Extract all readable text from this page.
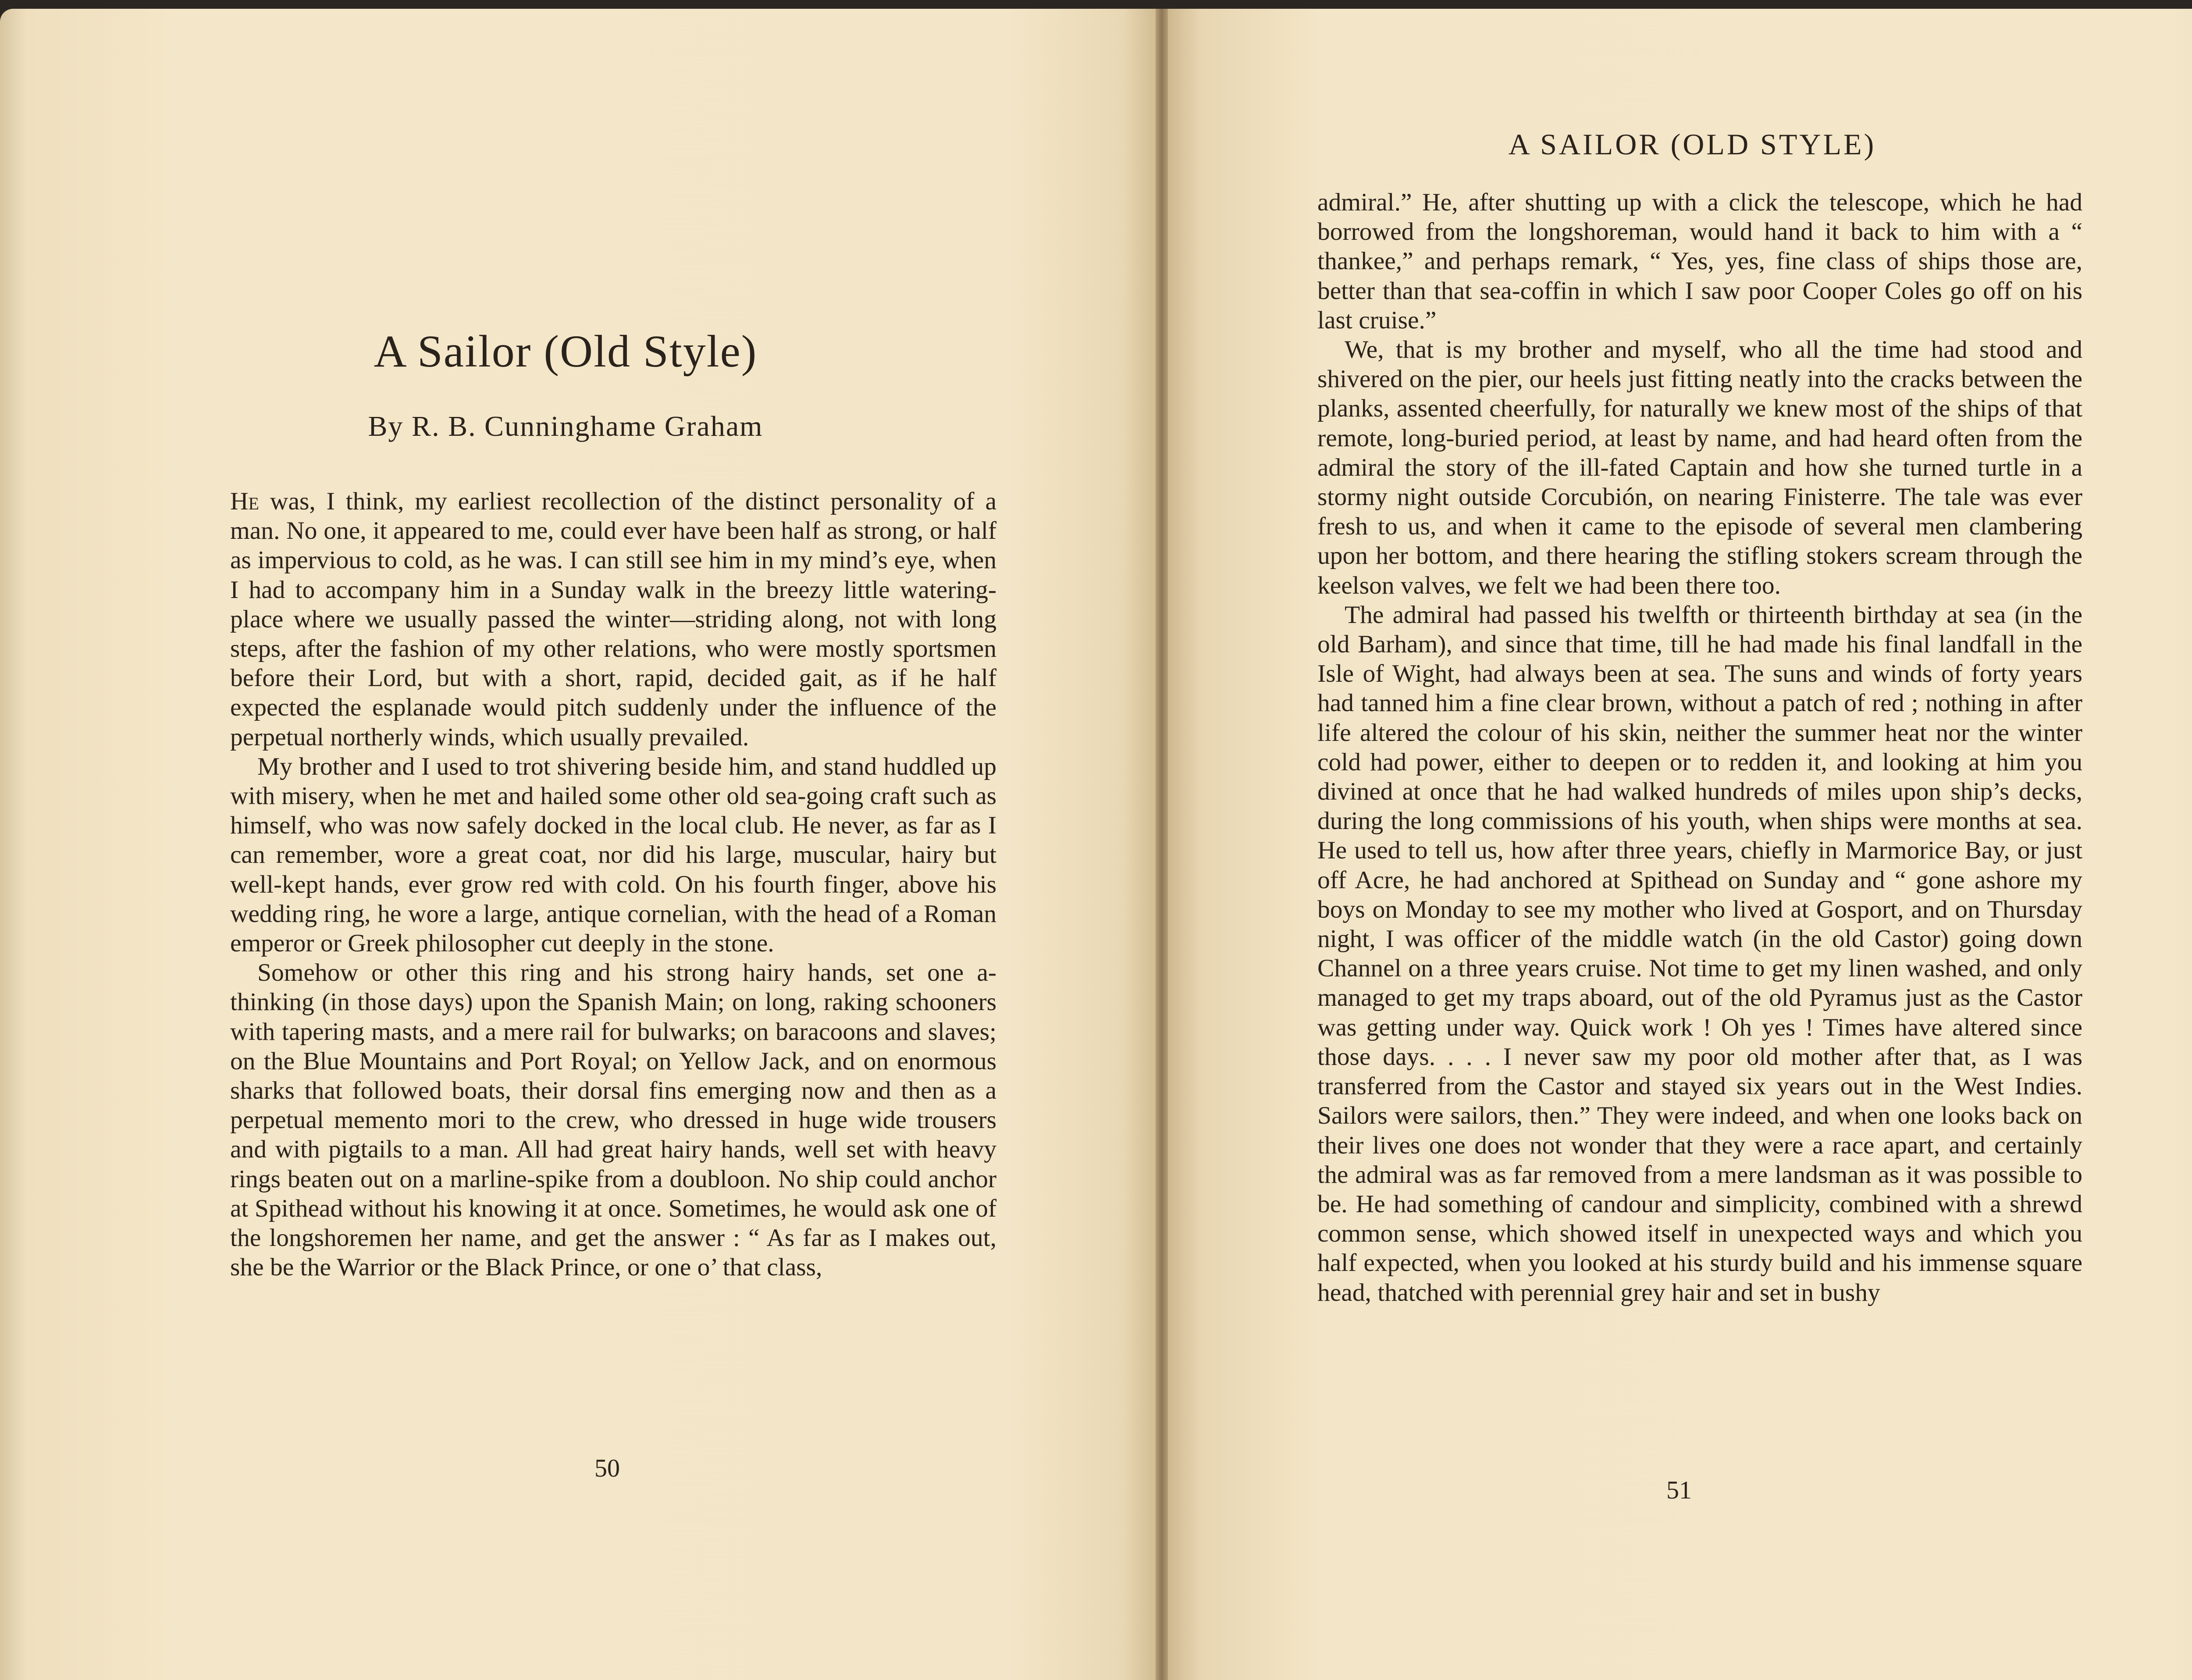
A Sailor (Old Style)
By R. B. Cunninghame Graham

He was, I think, my earliest recollection of the distinct personality of a man. No one, it appeared to me, could ever have been half as strong, or half as impervious to cold, as he was. I can still see him in my mind’s eye, when I had to accompany him in a Sunday walk in the breezy little watering-place where we usually passed the winter—striding along, not with long steps, after the fashion of my other relations, who were mostly sportsmen before their Lord, but with a short, rapid, decided gait, as if he half expected the esplanade would pitch suddenly under the influence of the perpetual northerly winds, which usually prevailed.

My brother and I used to trot shivering beside him, and stand huddled up with misery, when he met and hailed some other old sea-going craft such as himself, who was now safely docked in the local club. He never, as far as I can remember, wore a great coat, nor did his large, muscular, hairy but well-kept hands, ever grow red with cold. On his fourth finger, above his wedding ring, he wore a large, antique cornelian, with the head of a Roman emperor or Greek philosopher cut deeply in the stone.

Somehow or other this ring and his strong hairy hands, set one a-thinking (in those days) upon the Spanish Main; on long, raking schooners with tapering masts, and a mere rail for bulwarks; on baracoons and slaves; on the Blue Mountains and Port Royal; on Yellow Jack, and on enormous sharks that followed boats, their dorsal fins emerging now and then as a perpetual memento mori to the crew, who dressed in huge wide trousers and with pigtails to a man. All had great hairy hands, well set with heavy rings beaten out on a marline-spike from a doubloon. No ship could anchor at Spithead without his knowing it at once. Sometimes, he would ask one of the longshoremen her name, and get the answer : “ As far as I makes out, she be the Warrior or the Black Prince, or one o’ that class,

50
A SAILOR (OLD STYLE)

admiral.” He, after shutting up with a click the telescope, which he had borrowed from the longshoreman, would hand it back to him with a “ thankee,” and perhaps remark, “ Yes, yes, fine class of ships those are, better than that sea-coffin in which I saw poor Cooper Coles go off on his last cruise.”

We, that is my brother and myself, who all the time had stood and shivered on the pier, our heels just fitting neatly into the cracks between the planks, assented cheerfully, for naturally we knew most of the ships of that remote, long-buried period, at least by name, and had heard often from the admiral the story of the ill-fated Captain and how she turned turtle in a stormy night outside Corcubión, on nearing Finisterre. The tale was ever fresh to us, and when it came to the episode of several men clambering upon her bottom, and there hearing the stifling stokers scream through the keelson valves, we felt we had been there too.

The admiral had passed his twelfth or thirteenth birthday at sea (in the old Barham), and since that time, till he had made his final landfall in the Isle of Wight, had always been at sea. The suns and winds of forty years had tanned him a fine clear brown, without a patch of red ; nothing in after life altered the colour of his skin, neither the summer heat nor the winter cold had power, either to deepen or to redden it, and looking at him you divined at once that he had walked hundreds of miles upon ship’s decks, during the long commissions of his youth, when ships were months at sea. He used to tell us, how after three years, chiefly in Marmorice Bay, or just off Acre, he had anchored at Spithead on Sunday and “ gone ashore my boys on Monday to see my mother who lived at Gosport, and on Thursday night, I was officer of the middle watch (in the old Castor) going down Channel on a three years cruise. Not time to get my linen washed, and only managed to get my traps aboard, out of the old Pyramus just as the Castor was getting under way. Quick work ! Oh yes ! Times have altered since those days. . . . I never saw my poor old mother after that, as I was transferred from the Castor and stayed six years out in the West Indies. Sailors were sailors, then.” They were indeed, and when one looks back on their lives one does not wonder that they were a race apart, and certainly the admiral was as far removed from a mere landsman as it was possible to be. He had something of candour and simplicity, combined with a shrewd common sense, which showed itself in unexpected ways and which you half expected, when you looked at his sturdy build and his immense square head, thatched with perennial grey hair and set in bushy

51
